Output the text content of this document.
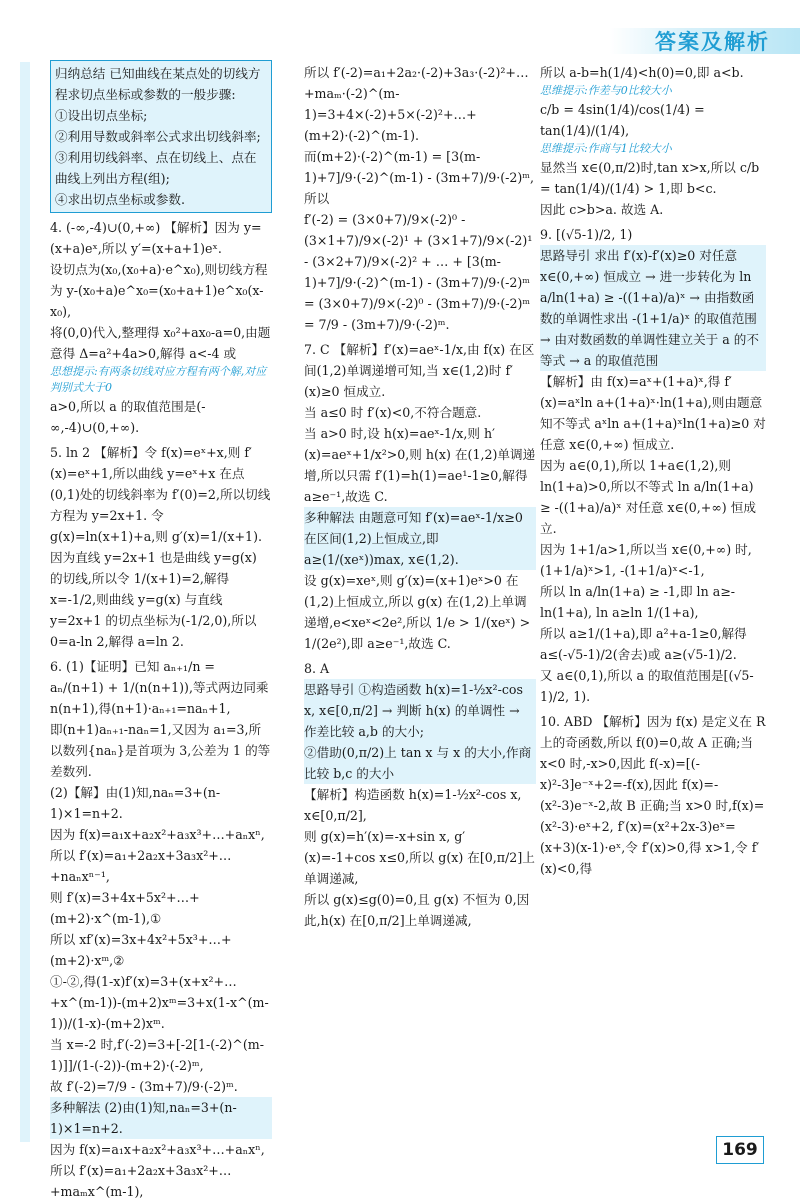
答案及解析

归纳总结 已知曲线在某点处的切线方程求切点坐标或参数的一般步骤:

①设出切点坐标;

②利用导数或斜率公式求出切线斜率;

③利用切线斜率、点在切线上、点在曲线上列出方程(组);

④求出切点坐标或参数.

4. (-∞,-4)∪(0,+∞) 【解析】因为 y=(x+a)eˣ,所以 y′=(x+a+1)eˣ.

设切点为(x₀,(x₀+a)·e^x₀),则切线方程为 y-(x₀+a)e^x₀=(x₀+a+1)e^x₀(x-x₀),

将(0,0)代入,整理得 x₀²+ax₀-a=0,由题意得 Δ=a²+4a>0,解得 a<-4 或

思想提示:有两条切线对应方程有两个解,对应判别式大于0

a>0,所以 a 的取值范围是(-∞,-4)∪(0,+∞).

5. ln 2 【解析】令 f(x)=eˣ+x,则 f′(x)=eˣ+1,所以曲线 y=eˣ+x 在点(0,1)处的切线斜率为 f′(0)=2,所以切线方程为 y=2x+1. 令 g(x)=ln(x+1)+a,则 g′(x)=1/(x+1). 因为直线 y=2x+1 也是曲线 y=g(x) 的切线,所以令 1/(x+1)=2,解得 x=-1/2,则曲线 y=g(x) 与直线 y=2x+1 的切点坐标为(-1/2,0),所以 0=a-ln 2,解得 a=ln 2.

6. (1)【证明】已知 aₙ₊₁/n = aₙ/(n+1) + 1/(n(n+1)),等式两边同乘 n(n+1),得(n+1)·aₙ₊₁=naₙ+1,

即(n+1)aₙ₊₁-naₙ=1,又因为 a₁=3,所以数列{naₙ}是首项为 3,公差为 1 的等差数列.

(2)【解】由(1)知,naₙ=3+(n-1)×1=n+2.

因为 f(x)=a₁x+a₂x²+a₃x³+…+aₙxⁿ,所以 f′(x)=a₁+2a₂x+3a₃x²+…+naₙxⁿ⁻¹,

则 f′(x)=3+4x+5x²+…+(m+2)·x^(m-1),①

所以 xf′(x)=3x+4x²+5x³+…+(m+2)·xᵐ,②

①-②,得(1-x)f′(x)=3+(x+x²+…+x^(m-1))-(m+2)xᵐ=3+x(1-x^(m-1))/(1-x)-(m+2)xᵐ.

当 x=-2 时,f′(-2)=3+[-2[1-(-2)^(m-1)]]/(1-(-2))-(m+2)·(-2)ᵐ,

故 f′(-2)=7/9 - (3m+7)/9·(-2)ᵐ.

多种解法 (2)由(1)知,naₙ=3+(n-1)×1=n+2.

因为 f(x)=a₁x+a₂x²+a₃x³+…+aₙxⁿ,所以 f′(x)=a₁+2a₂x+3a₃x²+…+maₘx^(m-1),

所以 f′(-2)=a₁+2a₂·(-2)+3a₃·(-2)²+…+maₘ·(-2)^(m-1)=3+4×(-2)+5×(-2)²+…+(m+2)·(-2)^(m-1).

而(m+2)·(-2)^(m-1) = [3(m-1)+7]/9·(-2)^(m-1) - (3m+7)/9·(-2)ᵐ,所以

f′(-2) = (3×0+7)/9×(-2)⁰ - (3×1+7)/9×(-2)¹ + (3×1+7)/9×(-2)¹ - (3×2+7)/9×(-2)² + … + [3(m-1)+7]/9·(-2)^(m-1) - (3m+7)/9·(-2)ᵐ = (3×0+7)/9×(-2)⁰ - (3m+7)/9·(-2)ᵐ = 7/9 - (3m+7)/9·(-2)ᵐ.

7. C 【解析】f′(x)=aeˣ-1/x,由 f(x) 在区间(1,2)单调递增可知,当 x∈(1,2)时 f′(x)≥0 恒成立.

当 a≤0 时 f′(x)<0,不符合题意.

当 a>0 时,设 h(x)=aeˣ-1/x,则 h′(x)=aeˣ+1/x²>0,则 h(x) 在(1,2)单调递增,所以只需 f′(1)=h(1)=ae¹-1≥0,解得 a≥e⁻¹,故选 C.

多种解法 由题意可知 f′(x)=aeˣ-1/x≥0 在区间(1,2)上恒成立,即 a≥(1/(xeˣ))max, x∈(1,2).

设 g(x)=xeˣ,则 g′(x)=(x+1)eˣ>0 在(1,2)上恒成立,所以 g(x) 在(1,2)上单调递增,e<xeˣ<2e²,所以 1/e > 1/(xeˣ) > 1/(2e²),即 a≥e⁻¹,故选 C.

8. A

思路导引 ①构造函数 h(x)=1-½x²-cos x, x∈[0,π/2] → 判断 h(x) 的单调性 → 作差比较 a,b 的大小;

②借助(0,π/2)上 tan x 与 x 的大小,作商比较 b,c 的大小

【解析】构造函数 h(x)=1-½x²-cos x, x∈[0,π/2],

则 g(x)=h′(x)=-x+sin x, g′(x)=-1+cos x≤0,所以 g(x) 在[0,π/2]上单调递减,

所以 g(x)≤g(0)=0,且 g(x) 不恒为 0,因此,h(x) 在[0,π/2]上单调递减,

所以 a-b=h(1/4)<h(0)=0,即 a<b.

思维提示:作差与0比较大小

c/b = 4sin(1/4)/cos(1/4) = tan(1/4)/(1/4),

思维提示:作商与1比较大小

显然当 x∈(0,π/2)时,tan x>x,所以 c/b = tan(1/4)/(1/4) > 1,即 b<c.

因此 c>b>a. 故选 A.

9. [(√5-1)/2, 1)

思路导引 求出 f′(x)-f′(x)≥0 对任意 x∈(0,+∞) 恒成立 → 进一步转化为 ln a/ln(1+a) ≥ -((1+a)/a)ˣ → 由指数函数的单调性求出 -(1+1/a)ˣ 的取值范围 → 由对数函数的单调性建立关于 a 的不等式 → a 的取值范围

【解析】由 f(x)=aˣ+(1+a)ˣ,得 f′(x)=aˣln a+(1+a)ˣ·ln(1+a),则由题意知不等式 aˣln a+(1+a)ˣln(1+a)≥0 对任意 x∈(0,+∞) 恒成立.

因为 a∈(0,1),所以 1+a∈(1,2),则 ln(1+a)>0,所以不等式 ln a/ln(1+a) ≥ -((1+a)/a)ˣ 对任意 x∈(0,+∞) 恒成立.

因为 1+1/a>1,所以当 x∈(0,+∞) 时,(1+1/a)ˣ>1, -(1+1/a)ˣ<-1,

所以 ln a/ln(1+a) ≥ -1,即 ln a≥-ln(1+a), ln a≥ln 1/(1+a),

所以 a≥1/(1+a),即 a²+a-1≥0,解得 a≤(-√5-1)/2(舍去)或 a≥(√5-1)/2.

又 a∈(0,1),所以 a 的取值范围是[(√5-1)/2, 1).

10. ABD 【解析】因为 f(x) 是定义在 R 上的奇函数,所以 f(0)=0,故 A 正确;当 x<0 时,-x>0,因此 f(-x)=[(-x)²-3]e⁻ˣ+2=-f(x),因此 f(x)=-(x²-3)e⁻ˣ-2,故 B 正确;当 x>0 时,f(x)=(x²-3)·eˣ+2, f′(x)=(x²+2x-3)eˣ=(x+3)(x-1)·eˣ,令 f′(x)>0,得 x>1,令 f′(x)<0,得

169
